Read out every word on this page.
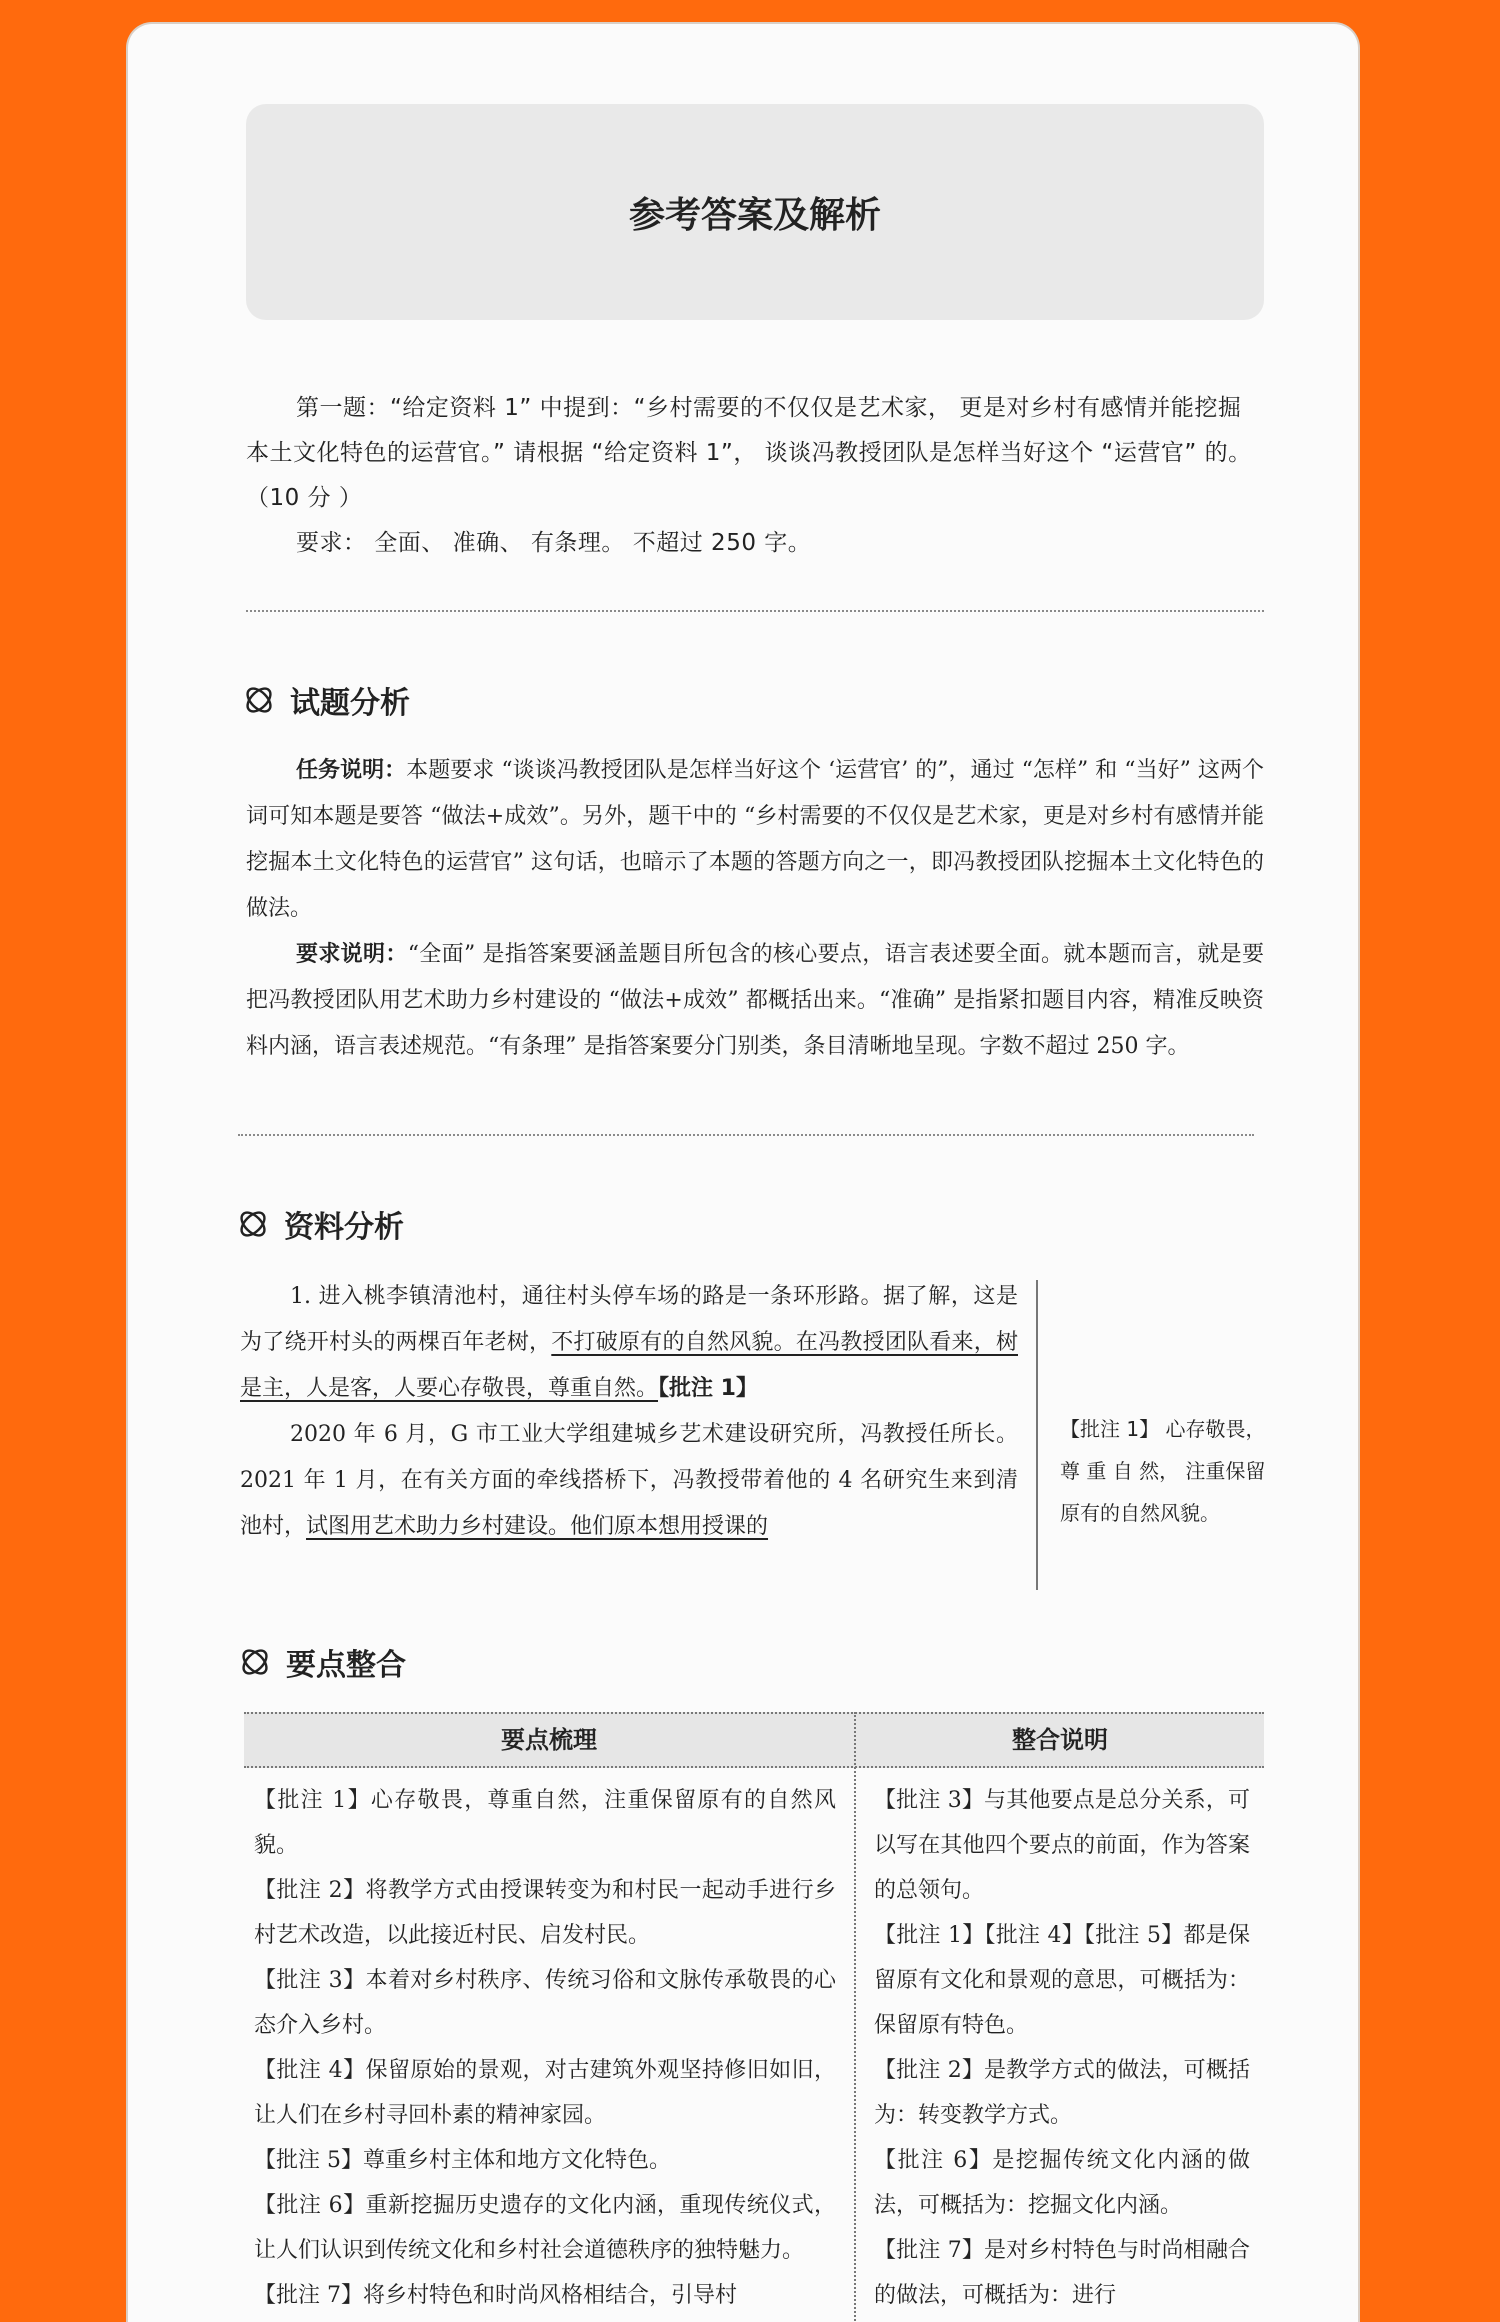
参考答案及解析

第一题：“给定资料 1” 中提到：“乡村需要的不仅仅是艺术家， 更是对乡村有感情并能挖掘本土文化特色的运营官。” 请根据 “给定资料 1”， 谈谈冯教授团队是怎样当好这个 “运营官” 的。（10 分 ）

要求： 全面、 准确、 有条理。 不超过 250 字。

试题分析

任务说明：本题要求 “谈谈冯教授团队是怎样当好这个 ‘运营官’ 的”，通过 “怎样” 和 “当好” 这两个词可知本题是要答 “做法+成效”。另外，题干中的 “乡村需要的不仅仅是艺术家，更是对乡村有感情并能挖掘本土文化特色的运营官” 这句话，也暗示了本题的答题方向之一，即冯教授团队挖掘本土文化特色的做法。

要求说明：“全面” 是指答案要涵盖题目所包含的核心要点，语言表述要全面。就本题而言，就是要把冯教授团队用艺术助力乡村建设的 “做法+成效” 都概括出来。“准确” 是指紧扣题目内容，精准反映资料内涵，语言表述规范。“有条理” 是指答案要分门别类，条目清晰地呈现。字数不超过 250 字。

资料分析

1. 进入桃李镇清池村，通往村头停车场的路是一条环形路。据了解，这是为了绕开村头的两棵百年老树，不打破原有的自然风貌。在冯教授团队看来，树是主，人是客，人要心存敬畏，尊重自然。【批注 1】

2020 年 6 月，G 市工业大学组建城乡艺术建设研究所，冯教授任所长。2021 年 1 月，在有关方面的牵线搭桥下，冯教授带着他的 4 名研究生来到清池村，试图用艺术助力乡村建设。他们原本想用授课的

【批注 1】 心存敬畏， 尊 重 自 然， 注重保留原有的自然风貌。
要点整合
要点梳理	整合说明

【批注 1】心存敬畏，尊重自然，注重保留原有的自然风貌。

【批注 2】将教学方式由授课转变为和村民一起动手进行乡村艺术改造，以此接近村民、启发村民。

【批注 3】本着对乡村秩序、传统习俗和文脉传承敬畏的心态介入乡村。

【批注 4】保留原始的景观，对古建筑外观坚持修旧如旧，让人们在乡村寻回朴素的精神家园。

【批注 5】尊重乡村主体和地方文化特色。

【批注 6】重新挖掘历史遗存的文化内涵，重现传统仪式，让人们认识到传统文化和乡村社会道德秩序的独特魅力。

【批注 7】将乡村特色和时尚风格相结合，引导村

【批注 3】与其他要点是总分关系，可以写在其他四个要点的前面，作为答案的总领句。

【批注 1】【批注 4】【批注 5】都是保留原有文化和景观的意思，可概括为：保留原有特色。

【批注 2】是教学方式的做法，可概括为：转变教学方式。

【批注 6】是挖掘传统文化内涵的做法，可概括为：挖掘文化内涵。

【批注 7】是对乡村特色与时尚相融合的做法，可概括为：进行
